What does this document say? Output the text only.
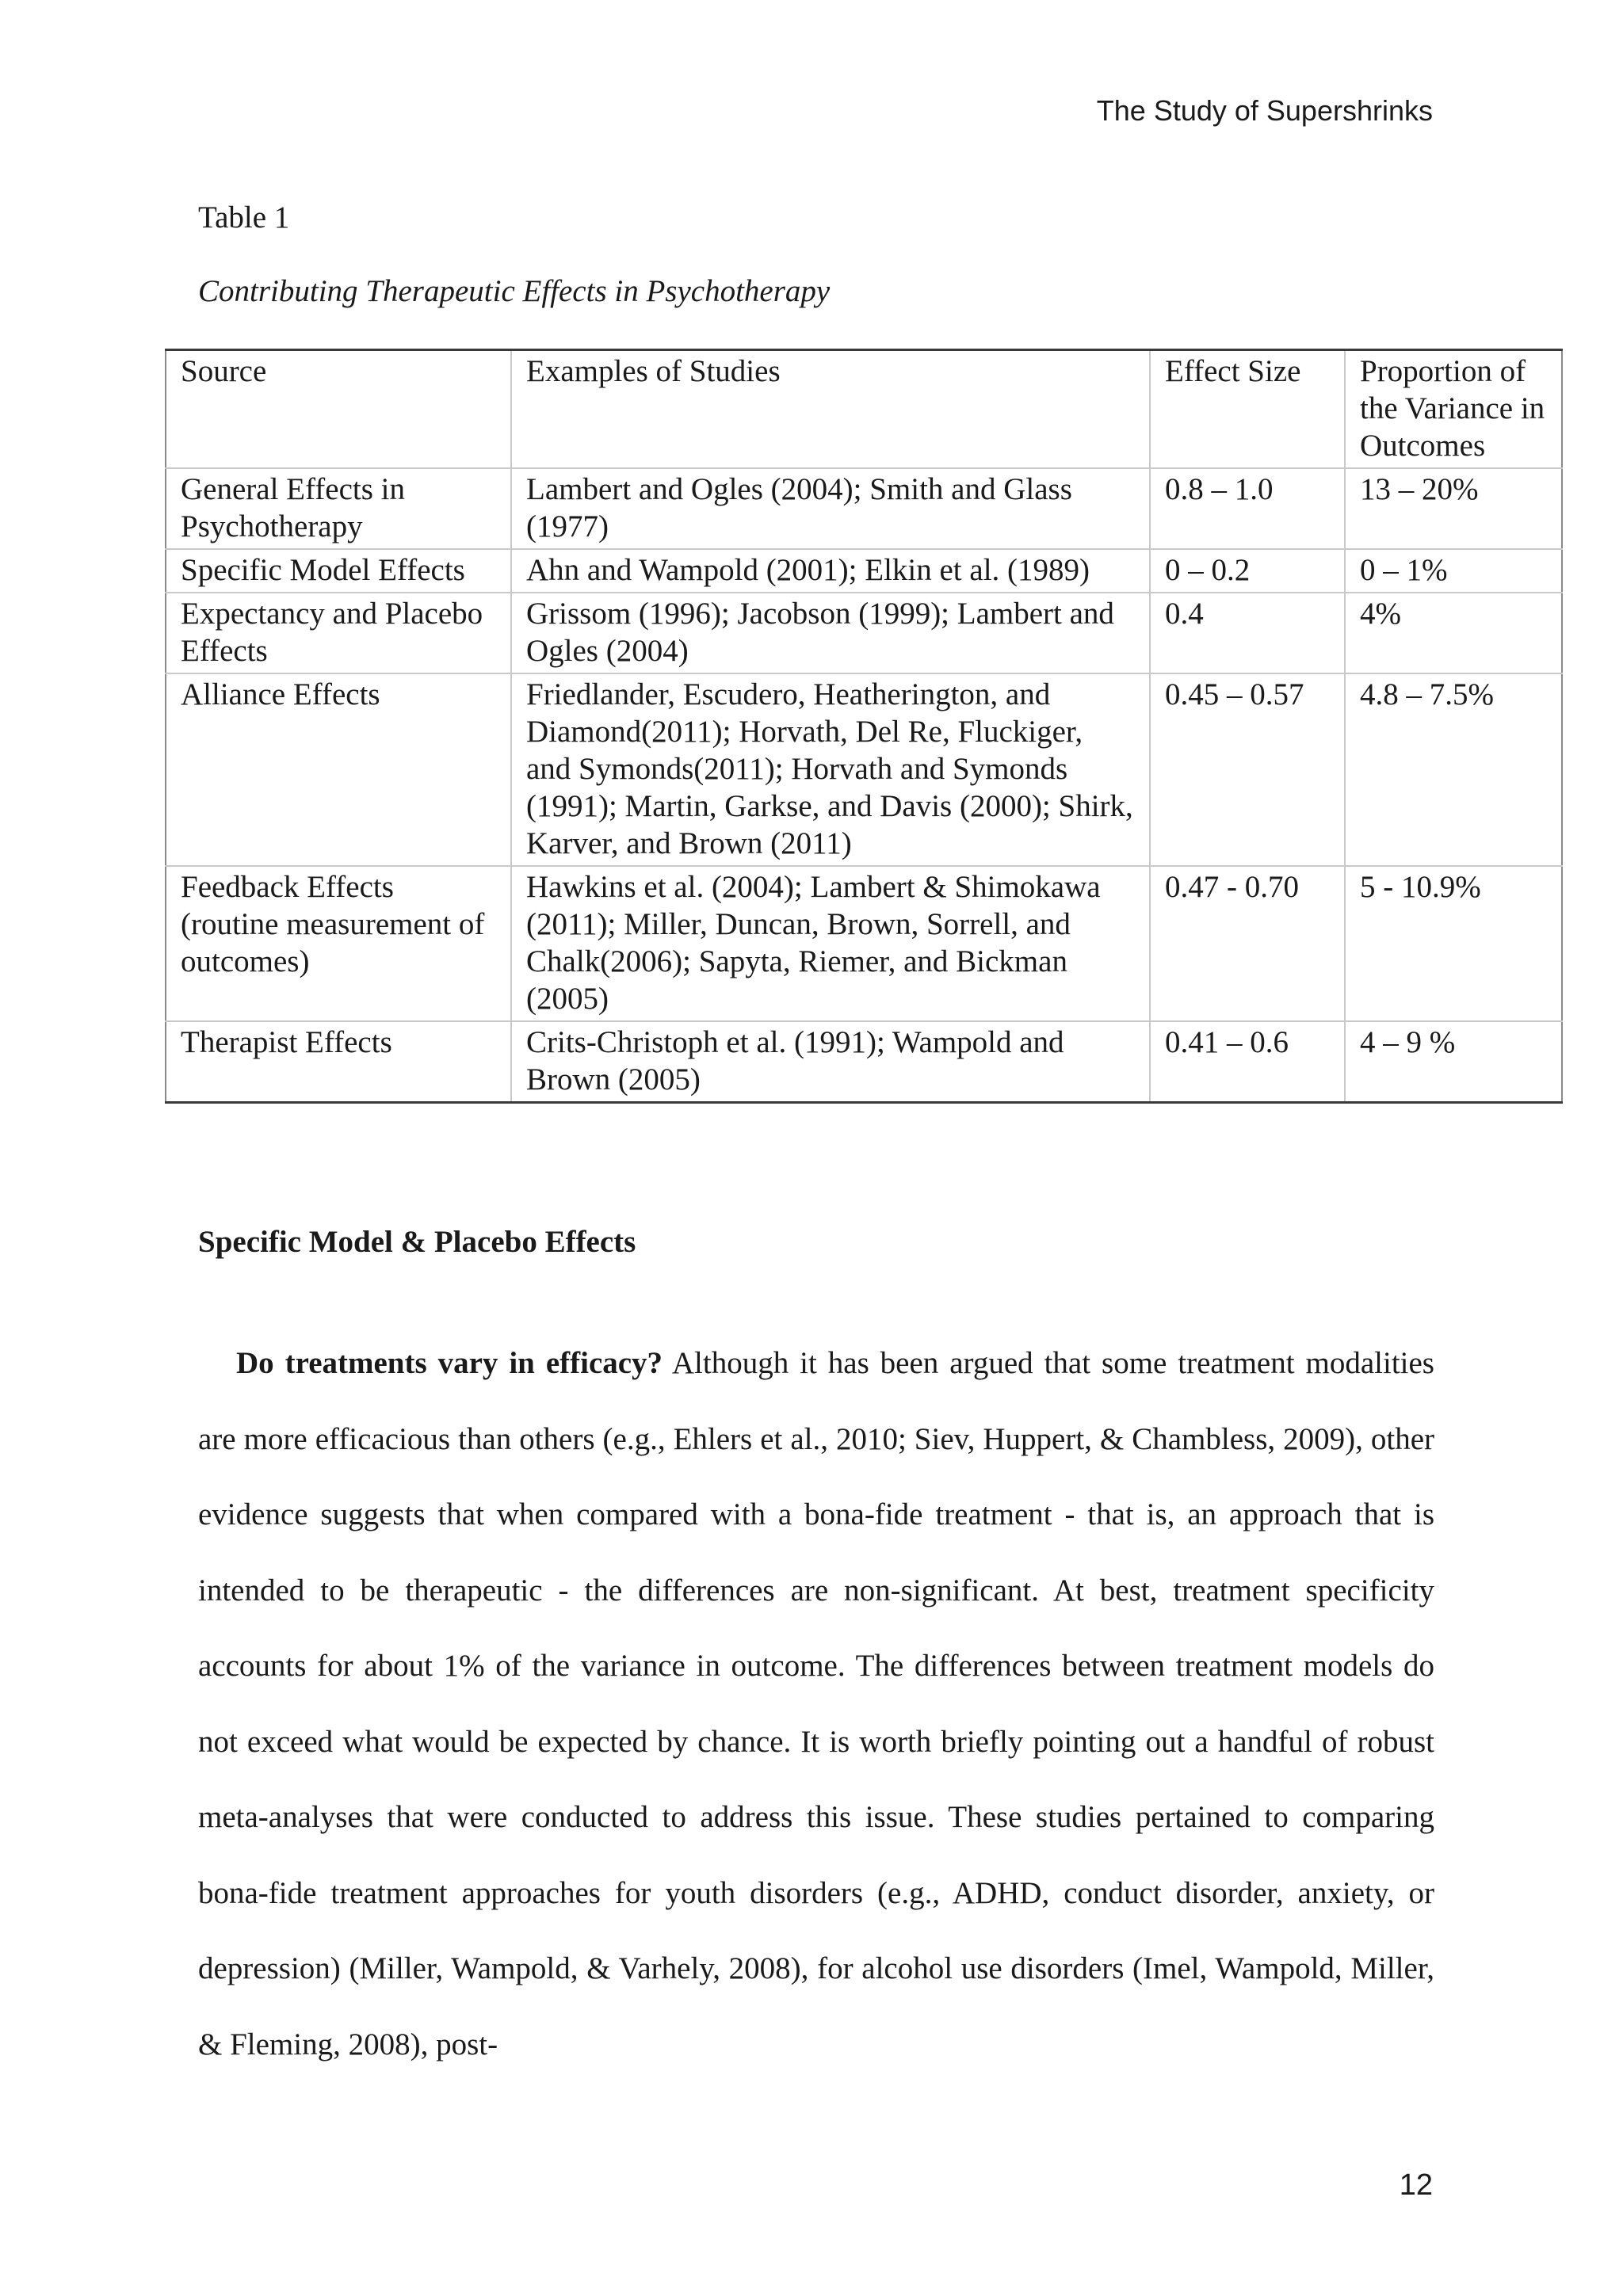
The Study of Supershrinks
Table 1
Contributing Therapeutic Effects in Psychotherapy
Source	Examples of Studies	Effect Size	Proportion of the Variance in Outcomes
General Effects in Psychotherapy	Lambert and Ogles (2004); Smith and Glass (1977)	0.8 – 1.0	13 – 20%
Specific Model Effects	Ahn and Wampold (2001); Elkin et al. (1989)	0 – 0.2	0 – 1%
Expectancy and Placebo Effects	Grissom (1996); Jacobson (1999); Lambert and Ogles (2004)	0.4	4%
Alliance Effects	Friedlander, Escudero, Heatherington, and Diamond(2011); Horvath, Del Re, Fluckiger, and Symonds(2011); Horvath and Symonds (1991); Martin, Garkse, and Davis (2000); Shirk, Karver, and Brown (2011)	0.45 – 0.57	4.8 – 7.5%
Feedback Effects (routine measurement of outcomes)	Hawkins et al. (2004); Lambert & Shimokawa (2011); Miller, Duncan, Brown, Sorrell, and Chalk(2006); Sapyta, Riemer, and Bickman (2005)	0.47 - 0.70	5 - 10.9%
Therapist Effects	Crits-Christoph et al. (1991); Wampold and Brown (2005)	0.41 – 0.6	4 – 9 %
Specific Model & Placebo Effects

Do treatments vary in efficacy? Although it has been argued that some treatment modalities are more efficacious than others (e.g., Ehlers et al., 2010; Siev, Huppert, & Chambless, 2009), other evidence suggests that when compared with a bona-fide treatment - that is, an approach that is intended to be therapeutic - the differences are non-significant. At best, treatment specificity accounts for about 1% of the variance in outcome. The differences between treatment models do not exceed what would be expected by chance. It is worth briefly pointing out a handful of robust meta-analyses that were conducted to address this issue. These studies pertained to comparing bona-fide treatment approaches for youth disorders (e.g., ADHD, conduct disorder, anxiety, or depression) (Miller, Wampold, & Varhely, 2008), for alcohol use disorders (Imel, Wampold, Miller, & Fleming, 2008), post-

12
